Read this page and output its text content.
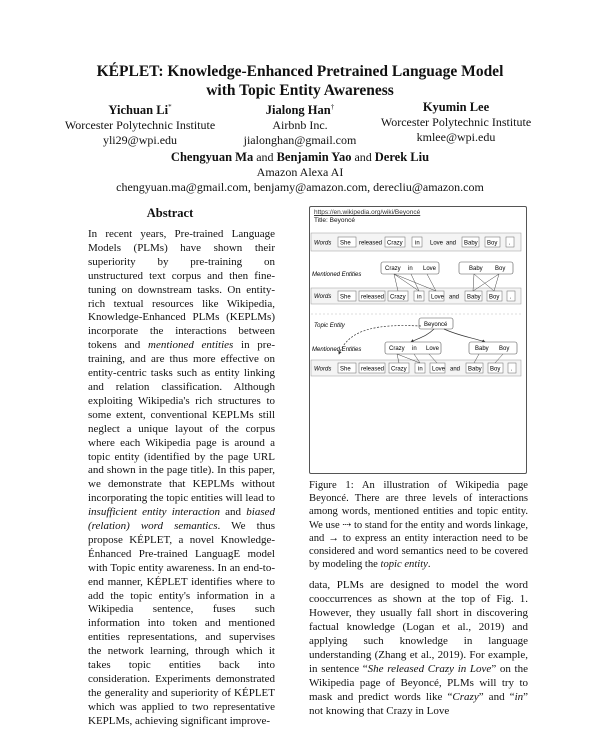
KÉPLET: Knowledge-Enhanced Pretrained Language Model
with Topic Entity Awareness
Yichuan Li*
Worcester Polytechnic Institute
yli29@wpi.edu
Jialong Han†
Airbnb Inc.
jialonghan@gmail.com
Kyumin Lee
Worcester Polytechnic Institute
kmlee@wpi.edu
Chengyuan Ma and Benjamin Yao and Derek Liu
Amazon Alexa AI
chengyuan.ma@gmail.com, benjamy@amazon.com, derecliu@amazon.com
Abstract
In recent years, Pre-trained Language Models (PLMs) have shown their superiority by pre-training on unstructured text corpus and then fine-tuning on downstream tasks. On entity-rich textual resources like Wikipedia, Knowledge-Enhanced PLMs (KEPLMs) incorporate the interactions between tokens and mentioned entities in pre-training, and are thus more effective on entity-centric tasks such as entity linking and relation classification. Although exploiting Wikipedia's rich structures to some extent, conventional KEPLMs still neglect a unique layout of the corpus where each Wikipedia page is around a topic entity (identified by the page URL and shown in the page title). In this paper, we demonstrate that KEPLMs without incorporating the topic entities will lead to insufficient entity interaction and biased (relation) word semantics. We thus propose KÉPLET, a novel Knowledge-Énhanced Pre-trained LanguagE model with Topic entity awareness. In an end-to-end manner, KÉPLET identifies where to add the topic entity's information in a Wikipedia sentence, fuses such information into token and mentioned entities representations, and supervises the network learning, through which it takes topic entities back into consideration. Experiments demonstrated the generality and superiority of KÉPLET which was applied to two representative KEPLMs, achieving significant improve-
https://en.wikipedia.org/wiki/Beyoncé
Title: Beyoncé
Words She released Crazy in Love and Baby Boy .
Mentioned Entities
Crazy in Love	Baby Boy
Words She released Crazy in Love and Baby Boy .
Topic Entity	Beyoncé
Mentioned Entities	Crazy in Love	Baby Boy
Words She released Crazy in Love and Baby Boy .
Figure 1: An illustration of Wikipedia page Beyoncé. There are three levels of interactions among words, mentioned entities and topic entity. We use ⇢ to stand for the entity and words linkage, and → to express an entity interaction need to be considered and word semantics need to be covered by modeling the topic entity.
data, PLMs are designed to model the word cooccurrences as shown at the top of Fig. 1. However, they usually fall short in discovering factual knowledge (Logan et al., 2019) and applying such knowledge in language understanding (Zhang et al., 2019). For example, in sentence “She released Crazy in Love” on the Wikipedia page of Beyoncé, PLMs will try to mask and predict words like “Crazy” and “in” not knowing that Crazy in Love
